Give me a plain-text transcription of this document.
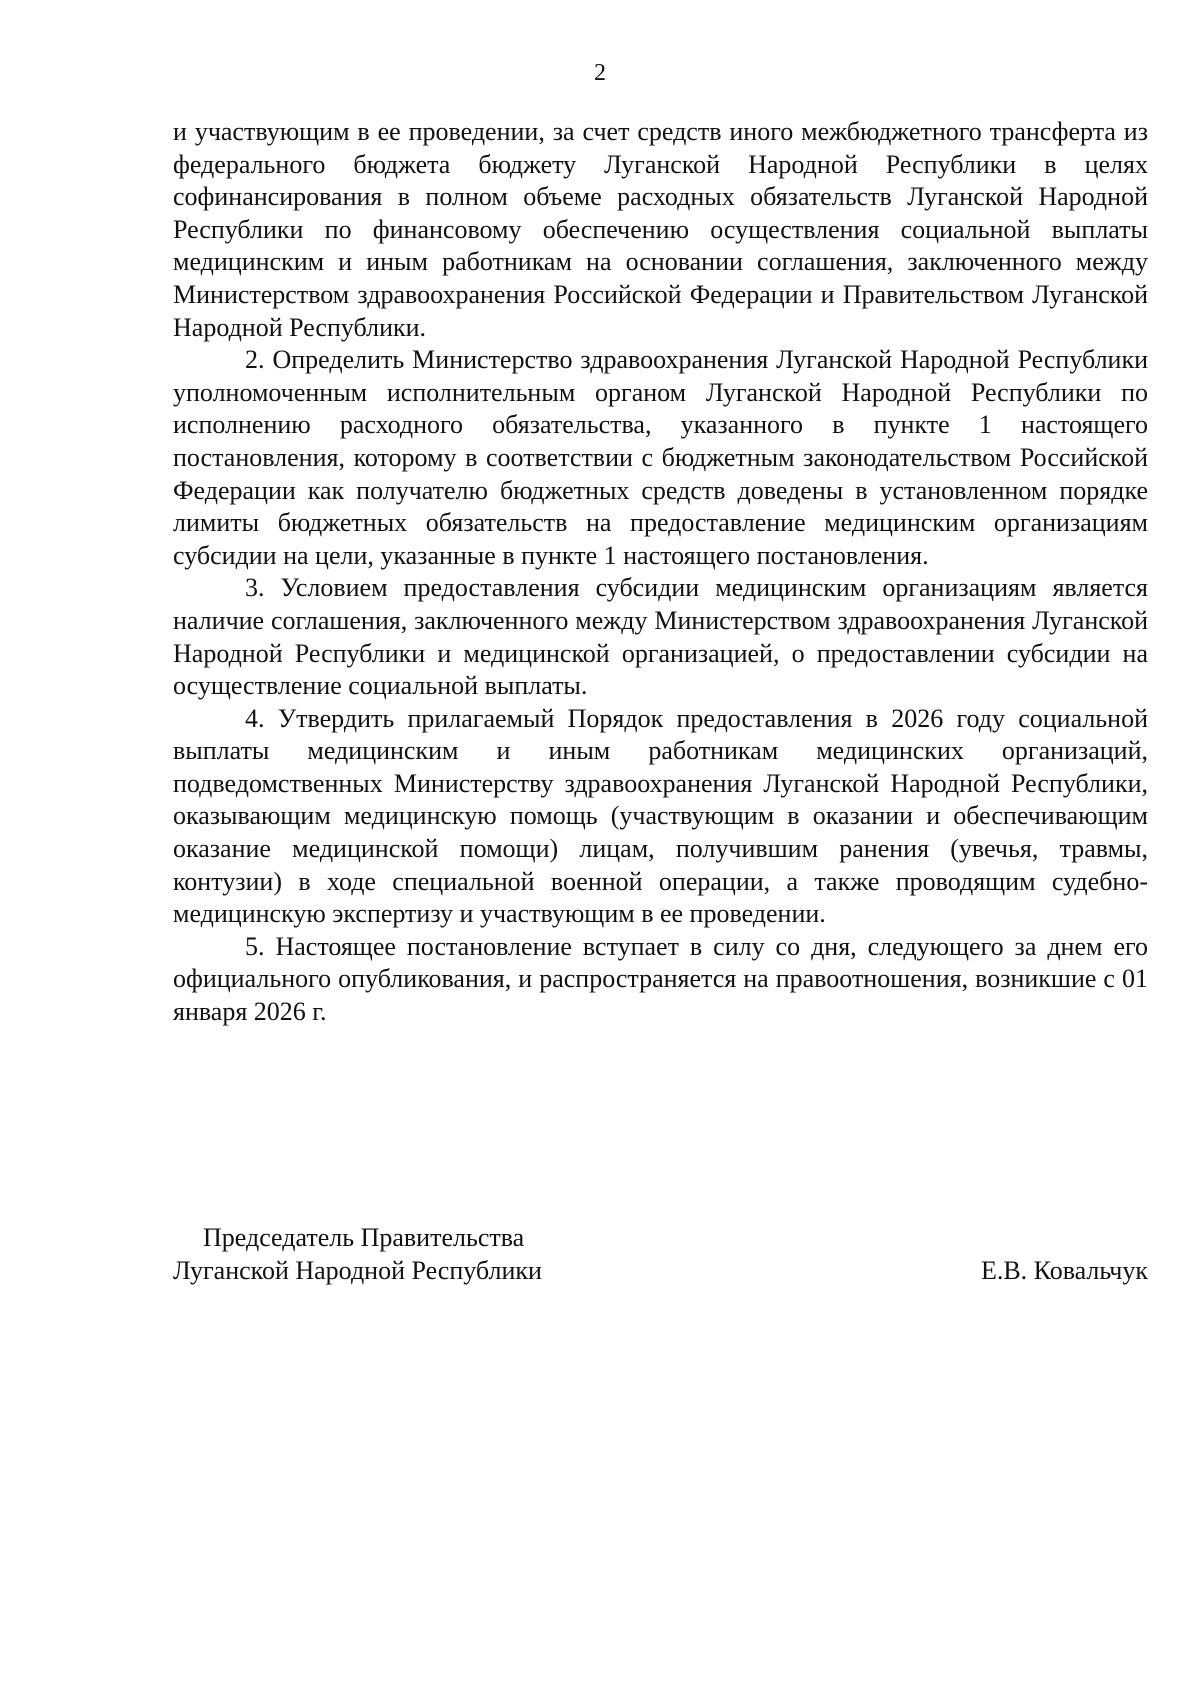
2

и участвующим в ее проведении, за счет средств иного межбюджетного трансферта из федерального бюджета бюджету Луганской Народной Республики в целях софинансирования в полном объеме расходных обязательств Луганской Народной Республики по финансовому обеспечению осуществления социальной выплаты медицинским и иным работникам на основании соглашения, заключенного между Министерством здравоохранения Российской Федерации и Правительством Луганской Народной Республики.

2. Определить Министерство здравоохранения Луганской Народной Республики уполномоченным исполнительным органом Луганской Народной Республики по исполнению расходного обязательства, указанного в пункте 1 настоящего постановления, которому в соответствии с бюджетным законодательством Российской Федерации как получателю бюджетных средств доведены в установленном порядке лимиты бюджетных обязательств на предоставление медицинским организациям субсидии на цели, указанные в пункте 1 настоящего постановления.

3. Условием предоставления субсидии медицинским организациям является наличие соглашения, заключенного между Министерством здравоохранения Луганской Народной Республики и медицинской организацией, о предоставлении субсидии на осуществление социальной выплаты.

4. Утвердить прилагаемый Порядок предоставления в 2026 году социальной выплаты медицинским и иным работникам медицинских организаций, подведомственных Министерству здравоохранения Луганской Народной Республики, оказывающим медицинскую помощь (участвующим в оказании и обеспечивающим оказание медицинской помощи) лицам, получившим ранения (увечья, травмы, контузии) в ходе специальной военной операции, а также проводящим судебно-медицинскую экспертизу и участвующим в ее проведении.

5. Настоящее постановление вступает в силу со дня, следующего за днем его официального опубликования, и распространяется на правоотношения, возникшие с 01 января 2026 г.

Председатель Правительства
Луганской Народной Республики	Е.В. Ковальчук
